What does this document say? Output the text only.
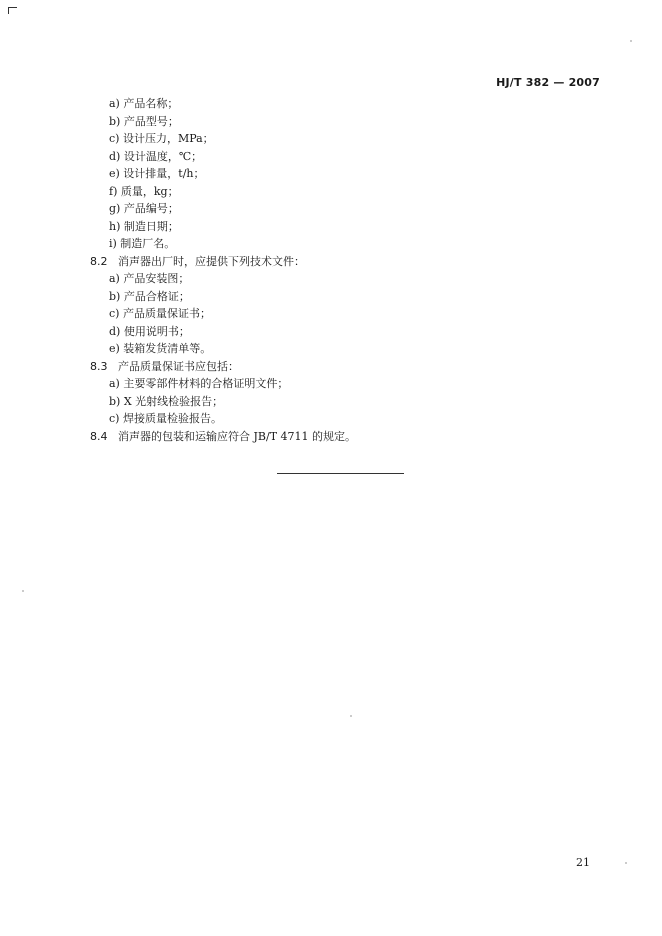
HJ/T 382 — 2007
a) 产品名称；
b) 产品型号；
c) 设计压力，MPa；
d) 设计温度，℃；
e) 设计排量，t/h；
f) 质量，kg；
g) 产品编号；
h) 制造日期；
i) 制造厂名。
8.2 消声器出厂时，应提供下列技术文件：
a) 产品安装图；
b) 产品合格证；
c) 产品质量保证书；
d) 使用说明书；
e) 装箱发货清单等。
8.3 产品质量保证书应包括：
a) 主要零部件材料的合格证明文件；
b) X 光射线检验报告；
c) 焊接质量检验报告。
8.4 消声器的包装和运输应符合 JB/T 4711 的规定。
21
